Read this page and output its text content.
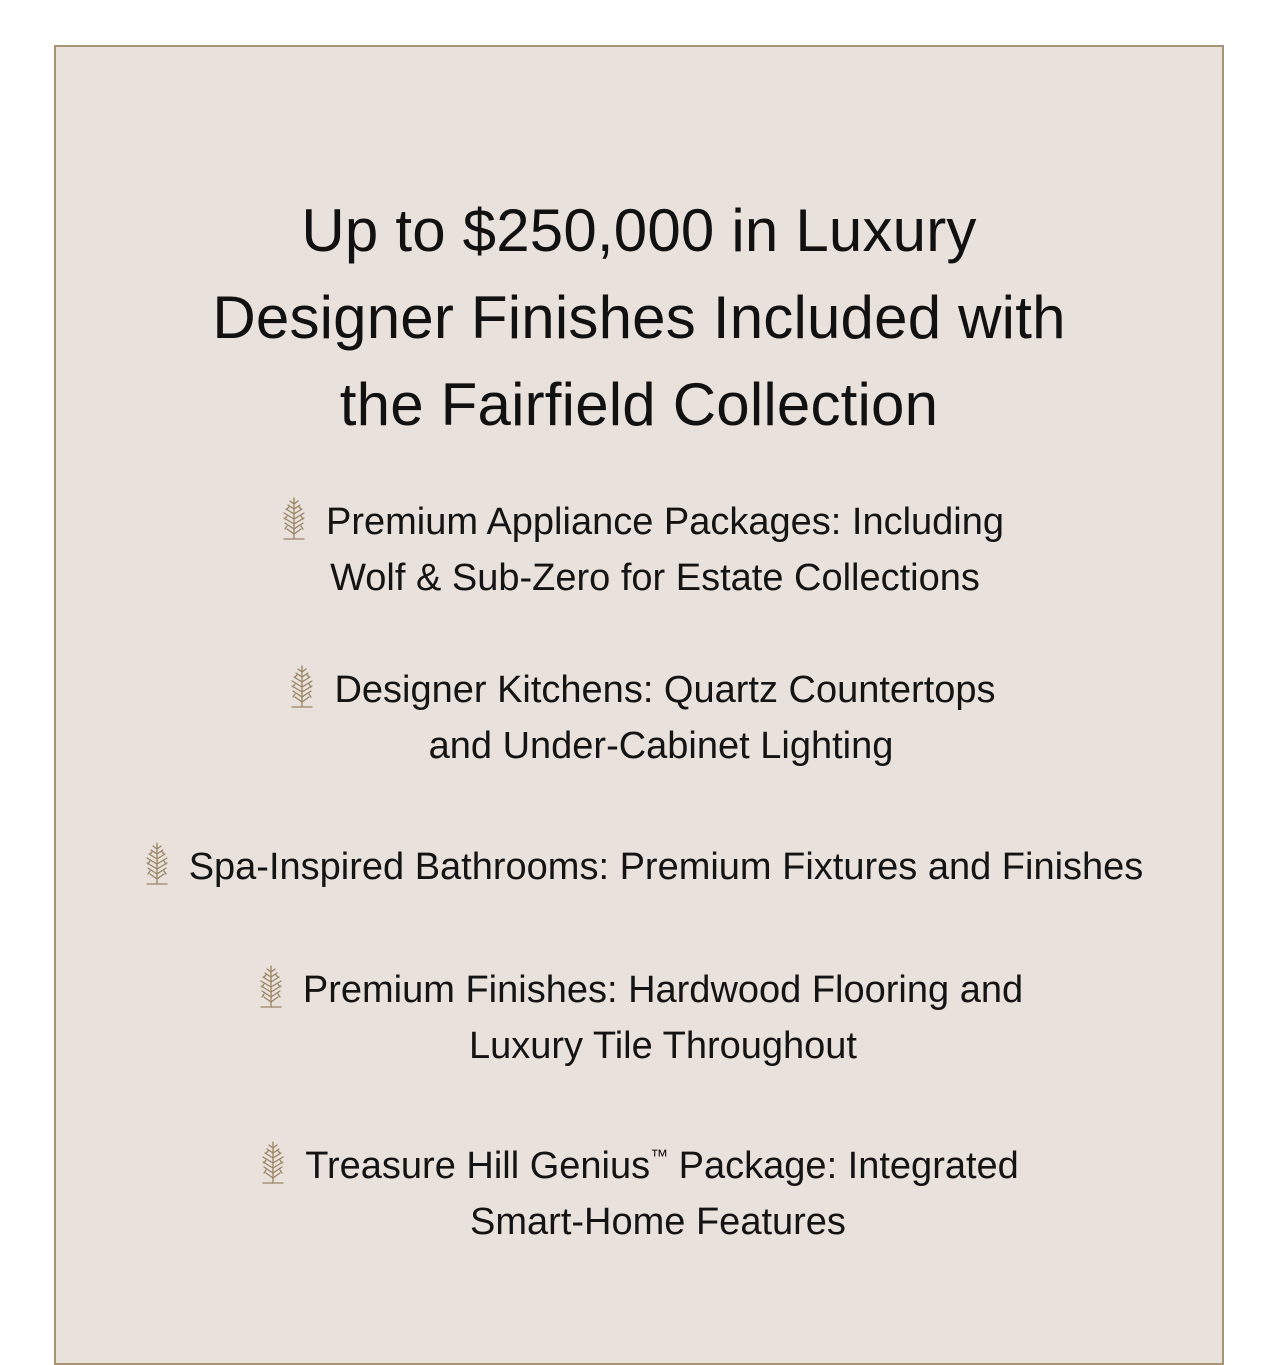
Up to $250,000 in Luxury
Designer Finishes Included with
the Fairfield Collection
Premium Appliance Packages: Including
Wolf & Sub-Zero for Estate Collections
Designer Kitchens: Quartz Countertops
and Under-Cabinet Lighting
Spa-Inspired Bathrooms: Premium Fixtures and Finishes
Premium Finishes: Hardwood Flooring and
Luxury Tile Throughout
Treasure Hill Genius™ Package: Integrated
Smart-Home Features
